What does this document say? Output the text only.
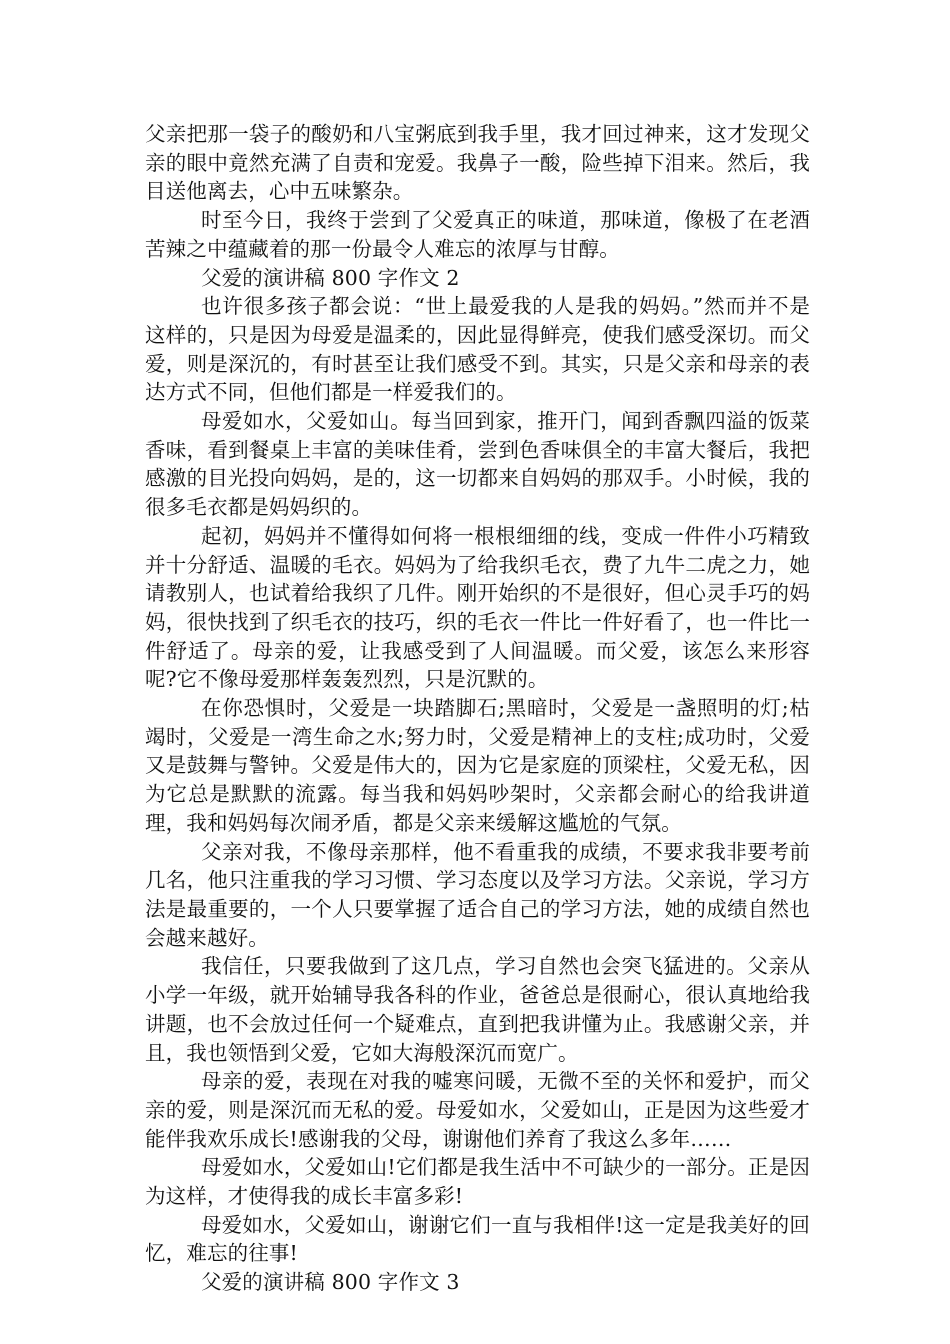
父亲把那一袋子的酸奶和八宝粥底到我手里，我才回过神来，这才发现父亲的眼中竟然充满了自责和宠爱。我鼻子一酸，险些掉下泪来。然后，我目送他离去，心中五味繁杂。

时至今日，我终于尝到了父爱真正的味道，那味道，像极了在老酒苦辣之中蕴藏着的那一份最令人难忘的浓厚与甘醇。

父爱的演讲稿 800 字作文 2

也许很多孩子都会说：“世上最爱我的人是我的妈妈。”然而并不是这样的，只是因为母爱是温柔的，因此显得鲜亮，使我们感受深切。而父爱，则是深沉的，有时甚至让我们感受不到。其实，只是父亲和母亲的表达方式不同，但他们都是一样爱我们的。

母爱如水，父爱如山。每当回到家，推开门，闻到香飘四溢的饭菜香味，看到餐桌上丰富的美味佳肴，尝到色香味俱全的丰富大餐后，我把感激的目光投向妈妈，是的，这一切都来自妈妈的那双手。小时候，我的很多毛衣都是妈妈织的。

起初，妈妈并不懂得如何将一根根细细的线，变成一件件小巧精致并十分舒适、温暖的毛衣。妈妈为了给我织毛衣，费了九牛二虎之力，她请教别人，也试着给我织了几件。刚开始织的不是很好，但心灵手巧的妈妈，很快找到了织毛衣的技巧，织的毛衣一件比一件好看了，也一件比一件舒适了。母亲的爱，让我感受到了人间温暖。而父爱，该怎么来形容呢?它不像母爱那样轰轰烈烈，只是沉默的。

在你恐惧时，父爱是一块踏脚石;黑暗时，父爱是一盏照明的灯;枯竭时，父爱是一湾生命之水;努力时，父爱是精神上的支柱;成功时，父爱又是鼓舞与警钟。父爱是伟大的，因为它是家庭的顶梁柱，父爱无私，因为它总是默默的流露。每当我和妈妈吵架时，父亲都会耐心的给我讲道理，我和妈妈每次闹矛盾，都是父亲来缓解这尴尬的气氛。

父亲对我，不像母亲那样，他不看重我的成绩，不要求我非要考前几名，他只注重我的学习习惯、学习态度以及学习方法。父亲说，学习方法是最重要的，一个人只要掌握了适合自己的学习方法，她的成绩自然也会越来越好。

我信任，只要我做到了这几点，学习自然也会突飞猛进的。父亲从小学一年级，就开始辅导我各科的作业，爸爸总是很耐心，很认真地给我讲题，也不会放过任何一个疑难点，直到把我讲懂为止。我感谢父亲，并且，我也领悟到父爱，它如大海般深沉而宽广。

母亲的爱，表现在对我的嘘寒问暖，无微不至的关怀和爱护，而父亲的爱，则是深沉而无私的爱。母爱如水，父爱如山，正是因为这些爱才能伴我欢乐成长!感谢我的父母，谢谢他们养育了我这么多年……

母爱如水，父爱如山!它们都是我生活中不可缺少的一部分。正是因为这样，才使得我的成长丰富多彩!

母爱如水，父爱如山，谢谢它们一直与我相伴!这一定是我美好的回忆，难忘的往事!

父爱的演讲稿 800 字作文 3
